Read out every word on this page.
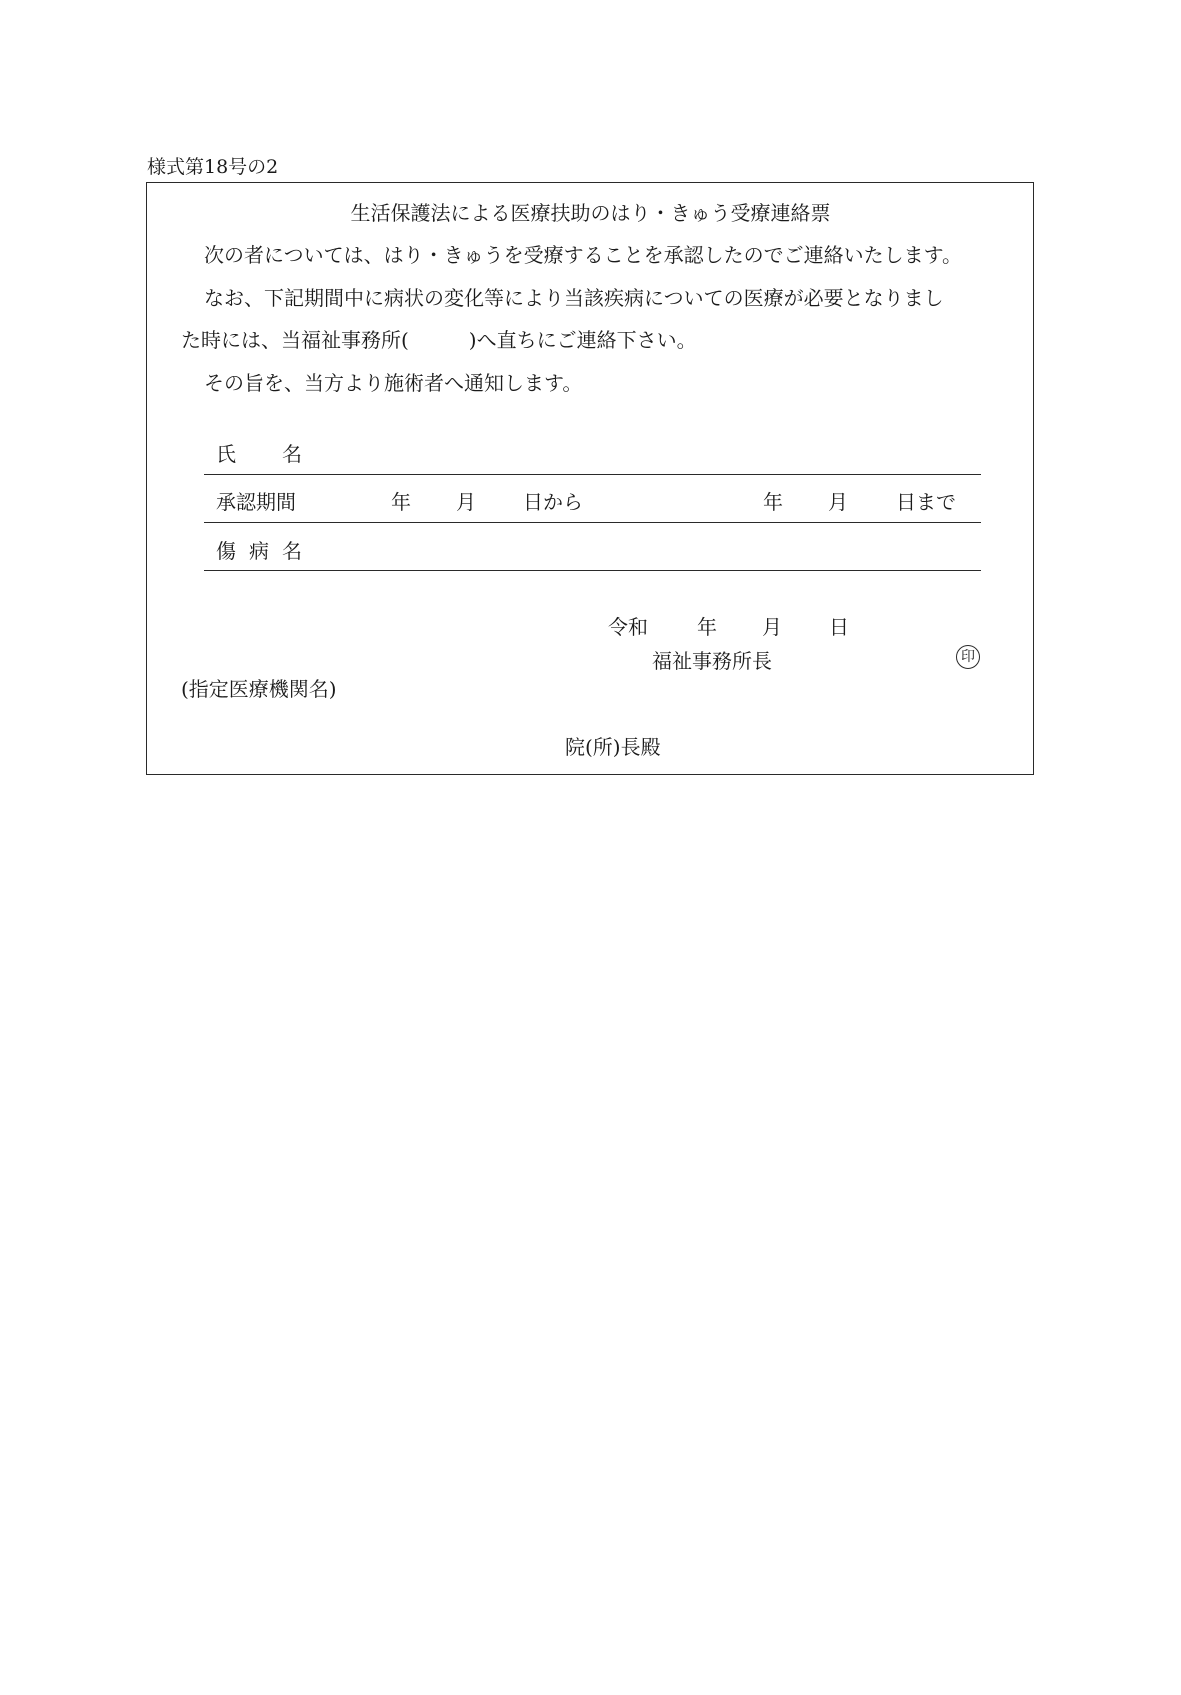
様式第18号の2
生活保護法による医療扶助のはり・きゅう受療連絡票
次の者については、はり・きゅうを受療することを承認したのでご連絡いたします。
なお、下記期間中に病状の変化等により当該疾病についての医療が必要となりまし
た時には、当福祉事務所(　　　)へ直ちにご連絡下さい。
その旨を、当方より施術者へ通知します。
氏 名
承認期間	年 月 日から	年 月 日まで
傷 病 名
令和 年 月 日
福祉事務所長	印
(指定医療機関名)
院(所)長殿
